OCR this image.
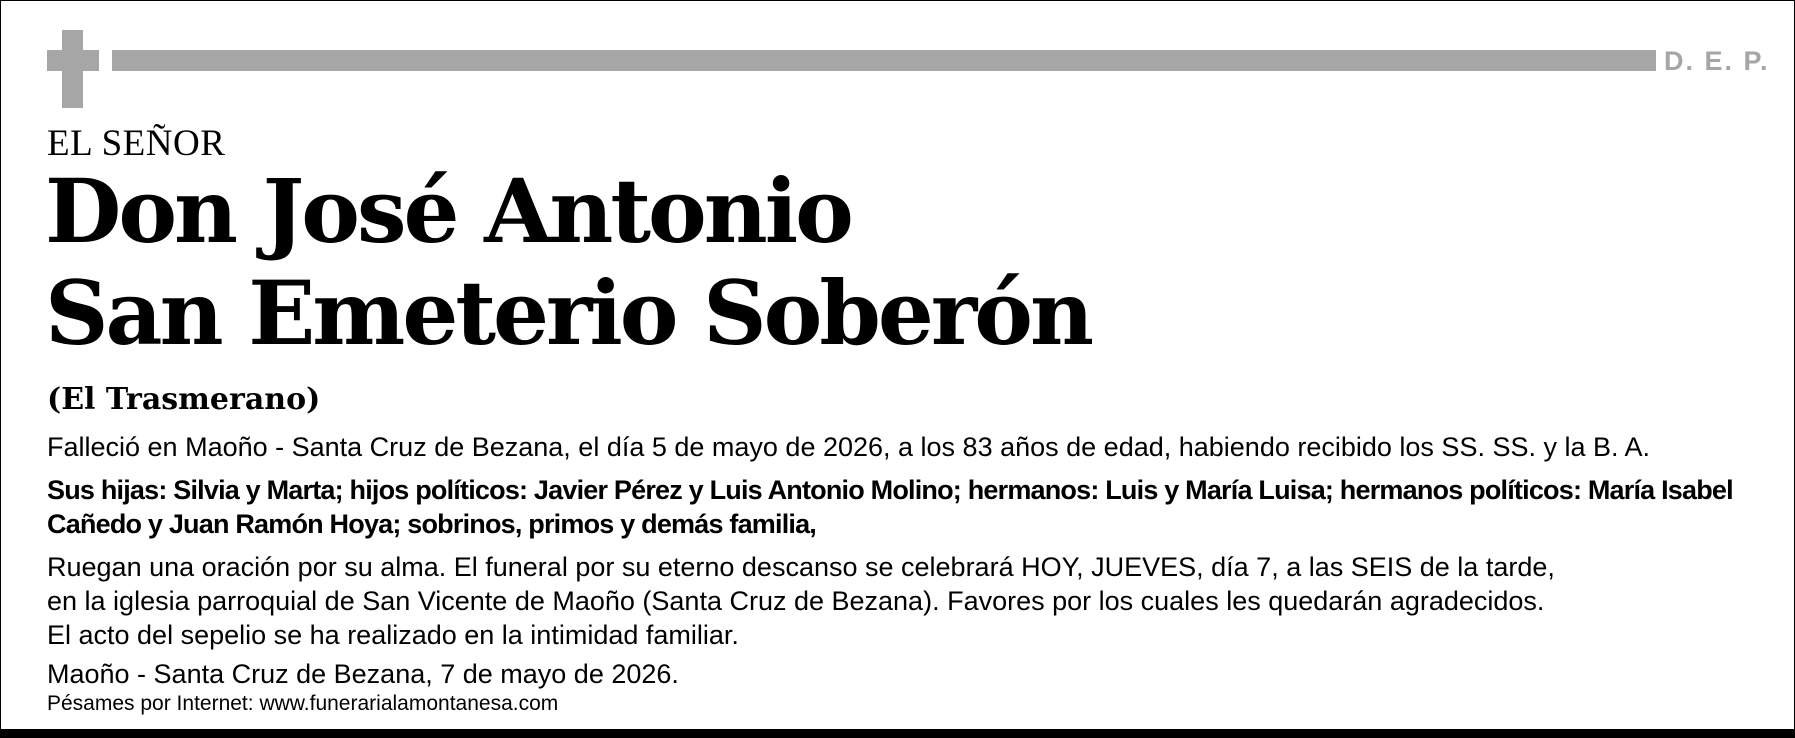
D. E. P.
EL SEÑOR
Don José Antonio
San Emeterio Soberón
(El Trasmerano)
Falleció en Maoño - Santa Cruz de Bezana, el día 5 de mayo de 2026, a los 83 años de edad, habiendo recibido los SS. SS. y la B. A.
Sus hijas: Silvia y Marta; hijos políticos: Javier Pérez y Luis Antonio Molino; hermanos: Luis y María Luisa; hermanos políticos: María Isabel Cañedo y Juan Ramón Hoya; sobrinos, primos y demás familia,
Ruegan una oración por su alma. El funeral por su eterno descanso se celebrará HOY, JUEVES, día 7, a las SEIS de la tarde,
en la iglesia parroquial de San Vicente de Maoño (Santa Cruz de Bezana). Favores por los cuales les quedarán agradecidos.
El acto del sepelio se ha realizado en la intimidad familiar.
Maoño - Santa Cruz de Bezana, 7 de mayo de 2026.
Pésames por Internet: www.funerarialamontanesa.com
